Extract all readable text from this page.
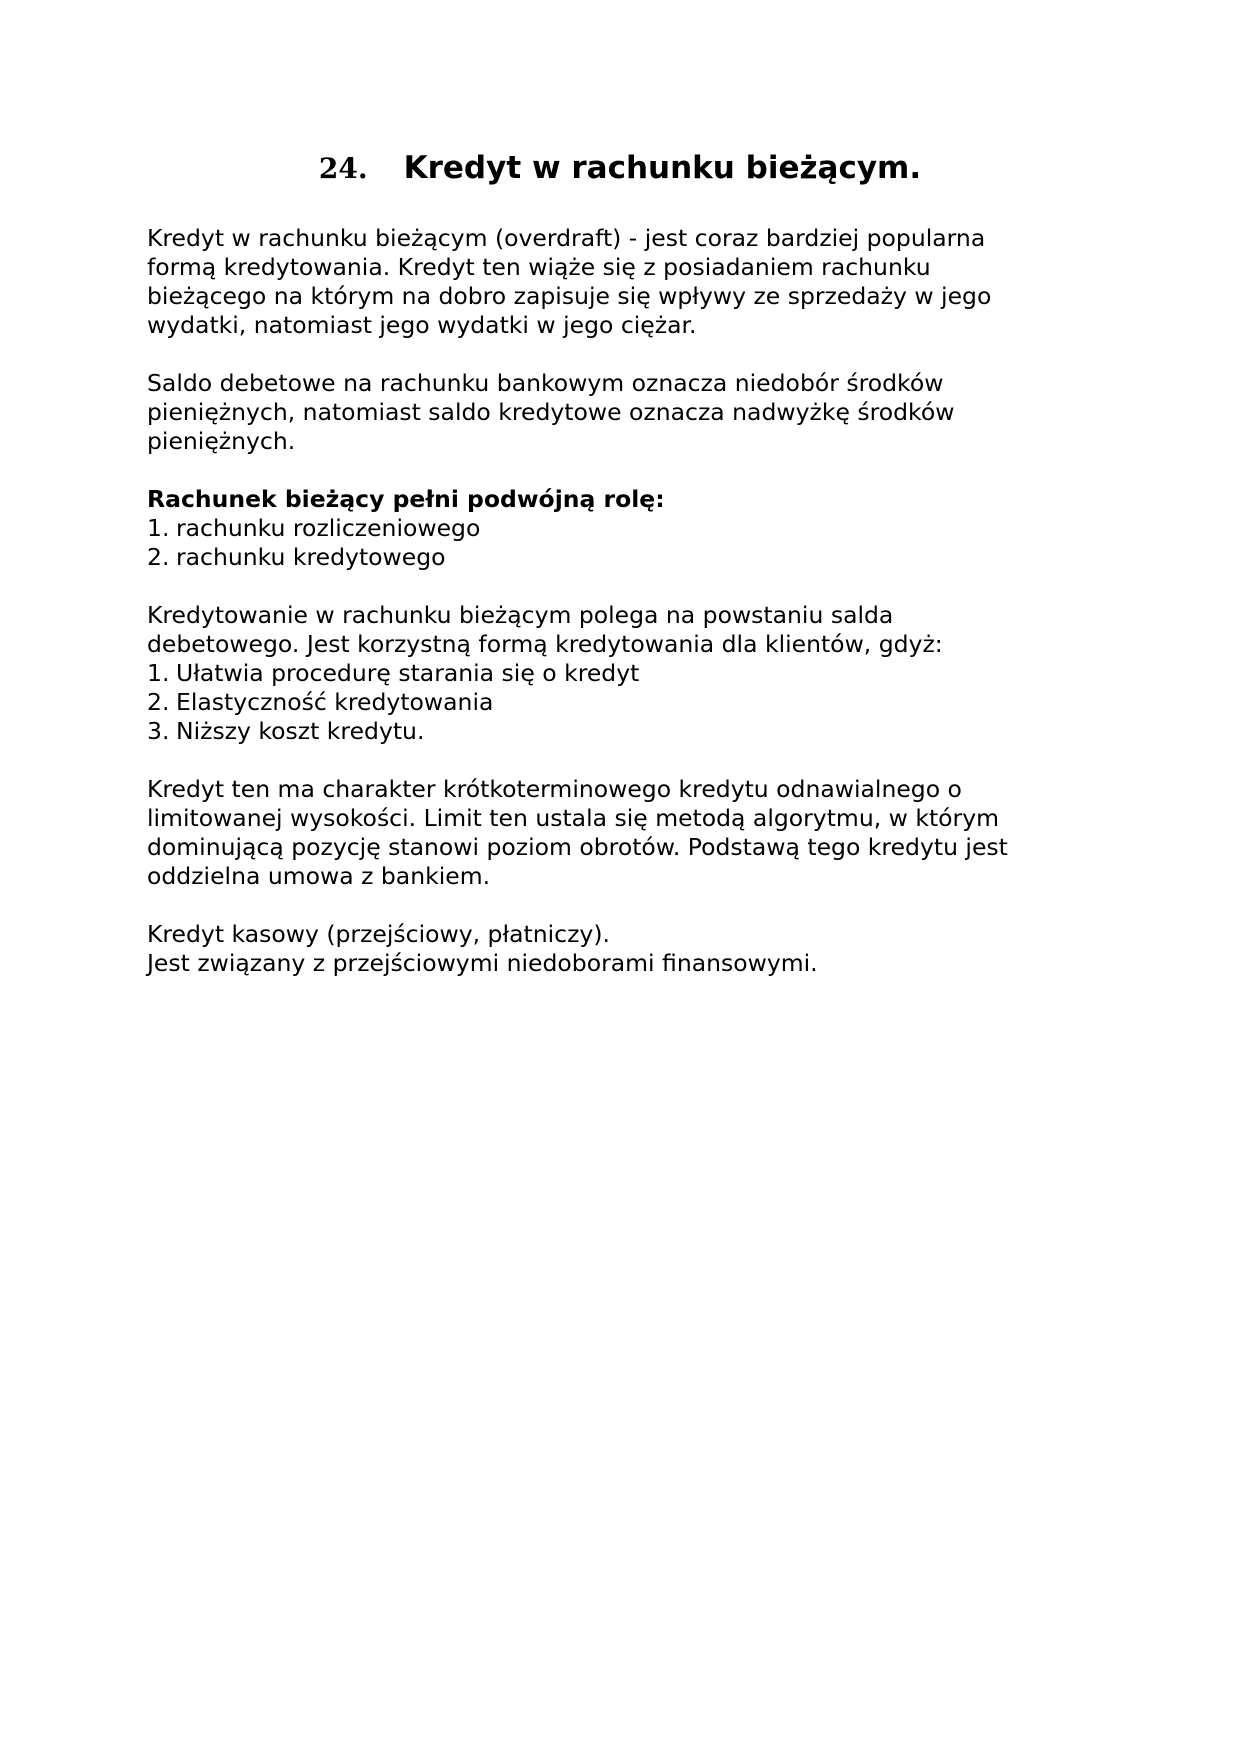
24. Kredyt w rachunku bieżącym.
Kredyt w rachunku bieżącym (overdraft) - jest coraz bardziej popularna
formą kredytowania. Kredyt ten wiąże się z posiadaniem rachunku
bieżącego na którym na dobro zapisuje się wpływy ze sprzedaży w jego
wydatki, natomiast jego wydatki w jego ciężar.
Saldo debetowe na rachunku bankowym oznacza niedobór środków
pieniężnych, natomiast saldo kredytowe oznacza nadwyżkę środków
pieniężnych.
Rachunek bieżący pełni podwójną rolę:
1. rachunku rozliczeniowego
2. rachunku kredytowego
Kredytowanie w rachunku bieżącym polega na powstaniu salda
debetowego. Jest korzystną formą kredytowania dla klientów, gdyż:
1. Ułatwia procedurę starania się o kredyt
2. Elastyczność kredytowania
3. Niższy koszt kredytu.
Kredyt ten ma charakter krótkoterminowego kredytu odnawialnego o
limitowanej wysokości. Limit ten ustala się metodą algorytmu, w którym
dominującą pozycję stanowi poziom obrotów. Podstawą tego kredytu jest
oddzielna umowa z bankiem.
Kredyt kasowy (przejściowy, płatniczy).
Jest związany z przejściowymi niedoborami finansowymi.
